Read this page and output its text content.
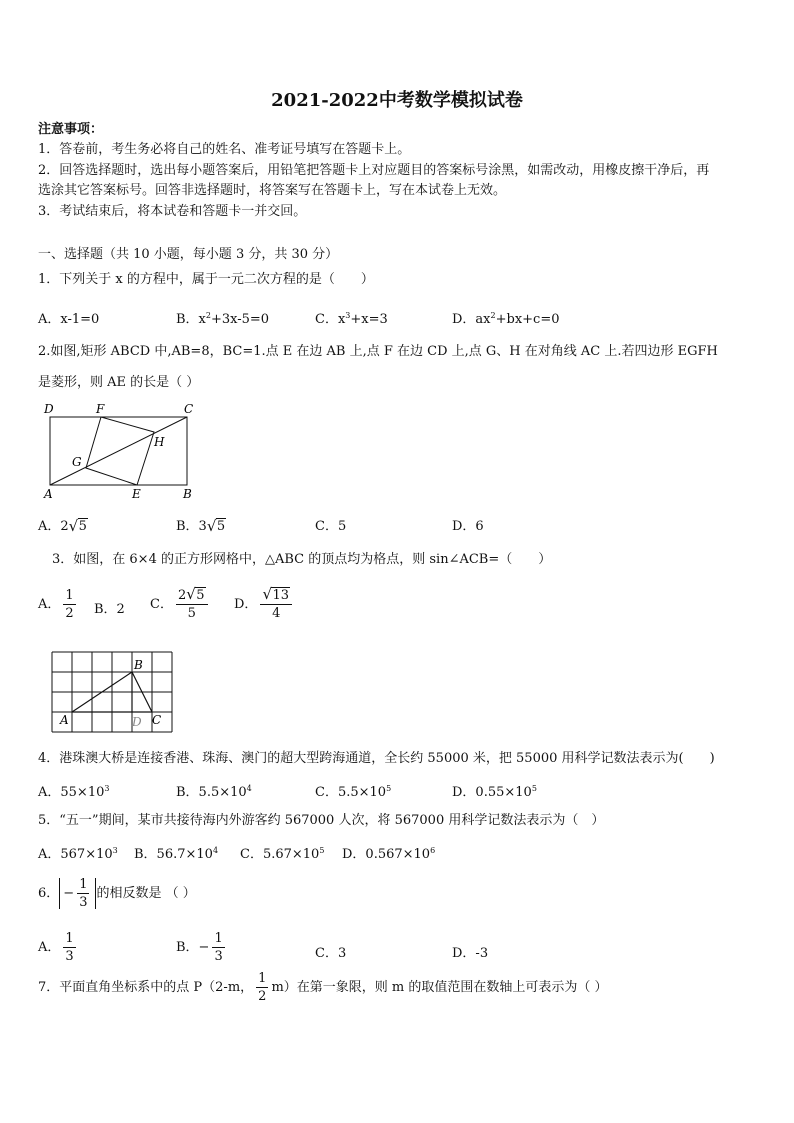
2021-2022中考数学模拟试卷
注意事项：
1．答卷前，考生务必将自己的姓名、准考证号填写在答题卡上。
2．回答选择题时，选出每小题答案后，用铅笔把答题卡上对应题目的答案标号涂黑，如需改动，用橡皮擦干净后，再
选涂其它答案标号。回答非选择题时，将答案写在答题卡上，写在本试卷上无效。
3．考试结束后，将本试卷和答题卡一并交回。
一、选择题（共 10 小题，每小题 3 分，共 30 分）
1．下列关于 x 的方程中，属于一元二次方程的是（　　）
A．x-1=0	B．$x^2+3x-5=0$	C．$x^3+x=3$	D．$ax^2+bx+c=0$
2.如图,矩形 ABCD 中,AB=8，BC=1.点 E 在边 AB 上,点 F 在边 CD 上,点 G、H 在对角线 AC 上.若四边形 EGFH
是菱形，则 AE 的长是（ ）
D	F	C
H
G
A	E	B
A．2 √ 5	B．3 √ 5	C．5	D．6
3．如图，在 6×4 的正方形网格中，△ABC 的顶点均为格点，则 sin∠ACB=（　　）
A． $\frac{1}{2}$ B．2 C． $\frac{2 √ 5}{5}$ D． $\frac{√ 13}{4}$
A
B
C
D
4．港珠澳大桥是连接香港、珠海、澳门的超大型跨海通道，全长约 55000 米，把 55000 用科学记数法表示为(　　)
A．$55\times 10^3$	B．$5.5\times 10^4$	C．$5.5\times 10^5$	D．$0.55\times 10^5$
5．“五一”期间，某市共接待海内外游客约 567000 人次，将 567000 用科学记数法表示为（　）
A．$567\times 10^3$ B．$56.7\times 10^4$ C．$5.67\times 10^5$ D．$0.567\times 10^6$
6． − $\frac{1}{3}$ 的相反数是 （ ）
A． $\frac{1}{3}$	B．− $\frac{1}{3}$	C．3	D．-3
7．平面直角坐标系中的点 P（2-m， $\frac{1}{2} m$）在第一象限，则 m 的取值范围在数轴上可表示为（ ）
